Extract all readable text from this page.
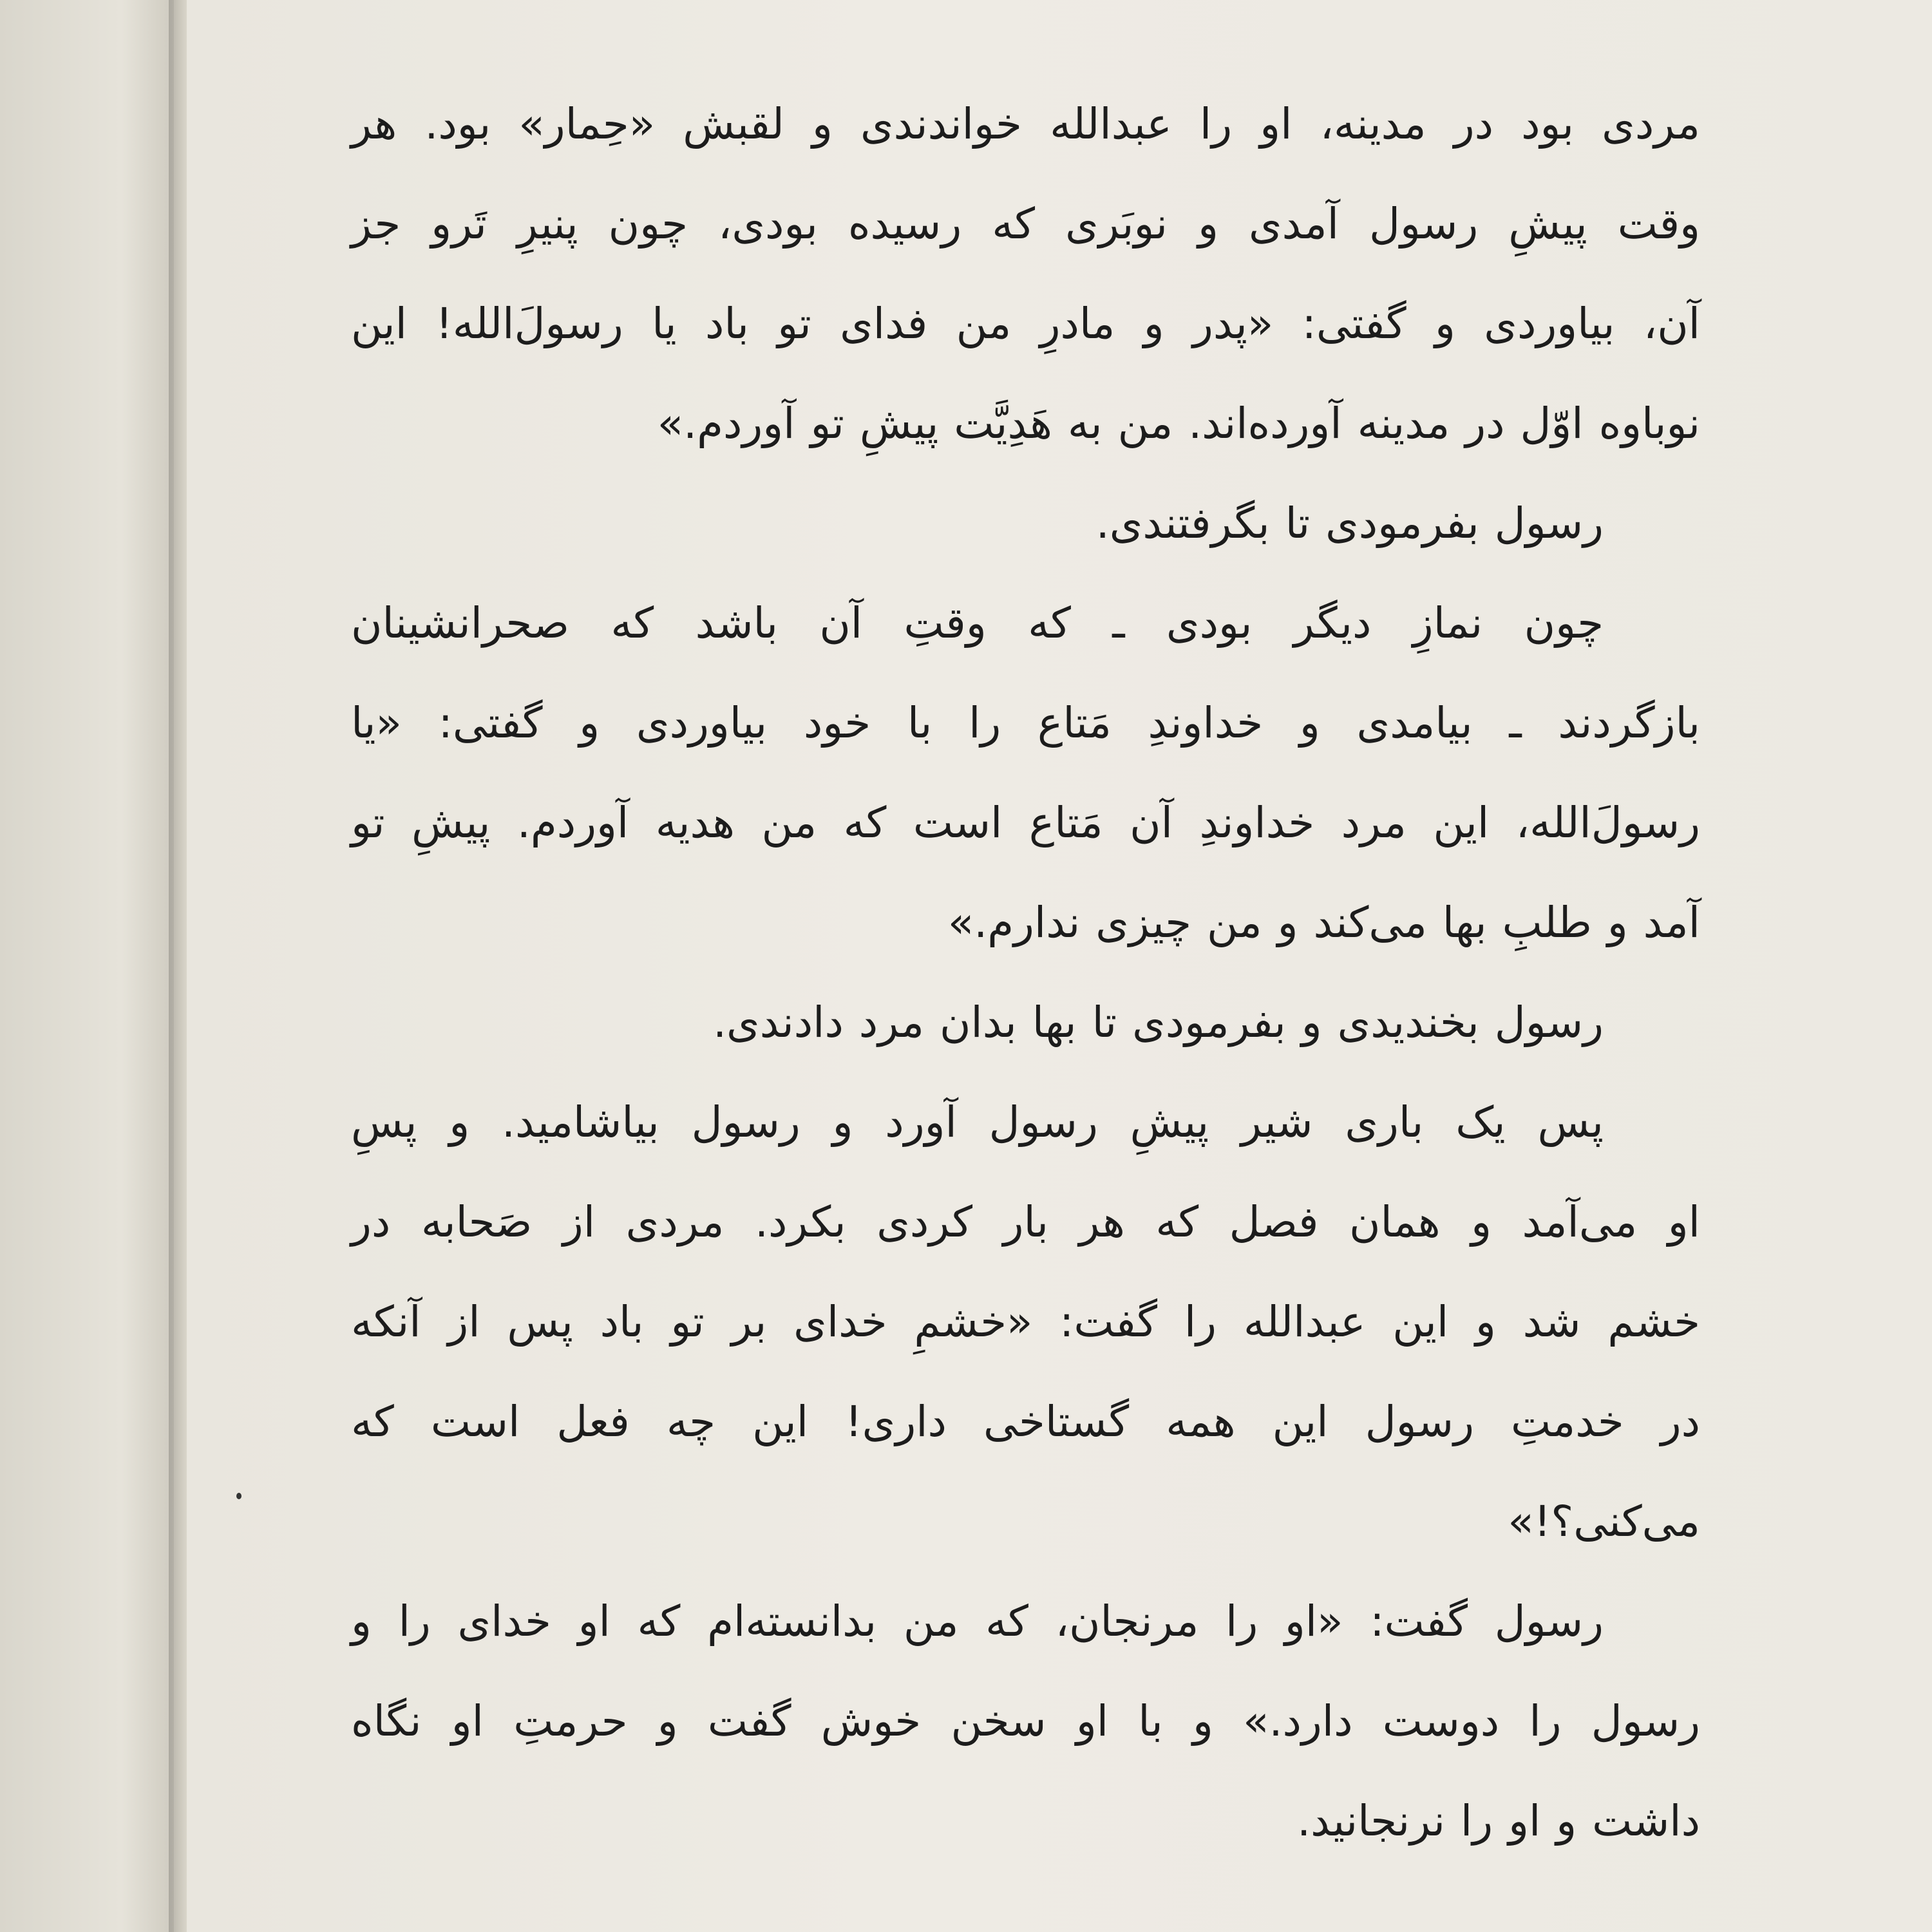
مردی بود در مدینه، او را عبدالله خواندندی و لقبش «حِمار» بود. هر
وقت پیشِ رسول آمدی و نوبَری که رسیده بودی، چون پنیرِ تَرو جز
آن، بیاوردی و گفتی: «پدر و مادرِ من فدای تو باد یا رسولَ‌الله! این
نوباوه اوّل در مدینه آورده‌اند. من به هَدِیَّت پیشِ تو آوردم.»
رسول بفرمودی تا بگرفتندی.
چون نمازِ دیگر بودی ـ که وقتِ آن باشد که صحرانشینان
بازگردند ـ بیامدی و خداوندِ مَتاع را با خود بیاوردی و گفتی: «یا
رسولَ‌الله، این مرد خداوندِ آن مَتاع است که من هدیه آوردم. پیشِ تو
آمد و طلبِ بها می‌کند و من چیزی ندارم.»
رسول بخندیدی و بفرمودی تا بها بدان مرد دادندی.
پس یک باری شیر پیشِ رسول آورد و رسول بیاشامید. و پسِ
او می‌آمد و همان فصل که هر بار کردی بکرد. مردی از صَحابه در
خشم شد و این عبدالله را گفت: «خشمِ خدای بر تو باد پس از آنکه
در خدمتِ رسول این همه گستاخی داری! این چه فعل است که
می‌کنی؟!»
رسول گفت: «او را مرنجان، که من بدانسته‌ام که او خدای را و
رسول را دوست دارد.» و با او سخن خوش گفت و حرمتِ او نگاه
داشت و او را نرنجانید.
